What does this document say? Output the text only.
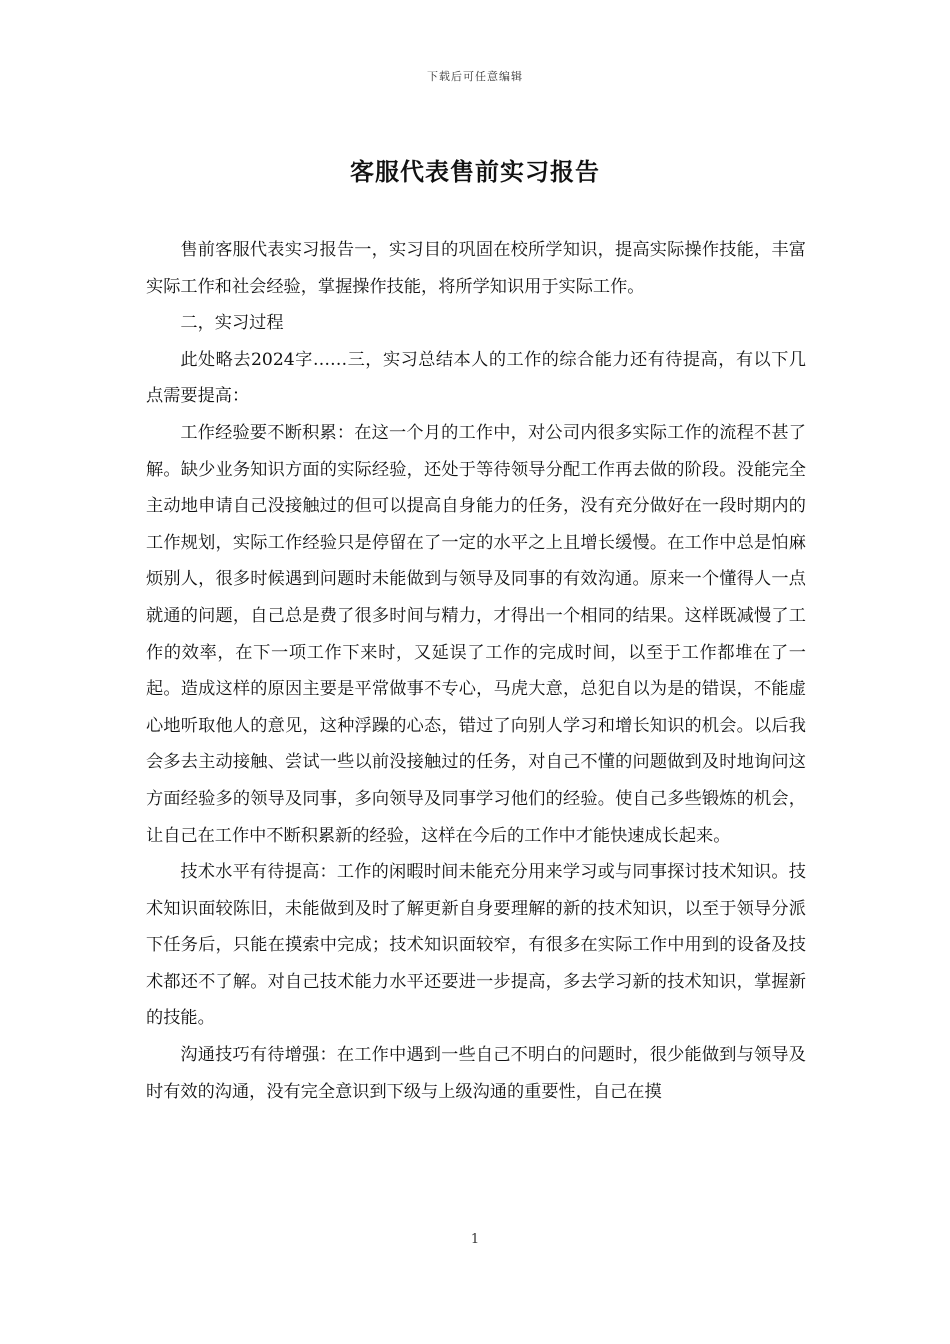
下载后可任意编辑
客服代表售前实习报告

售前客服代表实习报告一，实习目的巩固在校所学知识，提高实际操作技能，丰富实际工作和社会经验，掌握操作技能，将所学知识用于实际工作。

二，实习过程

此处略去2024字……三，实习总结本人的工作的综合能力还有待提高，有以下几点需要提高：

工作经验要不断积累：在这一个月的工作中，对公司内很多实际工作的流程不甚了解。缺少业务知识方面的实际经验，还处于等待领导分配工作再去做的阶段。没能完全主动地申请自己没接触过的但可以提高自身能力的任务，没有充分做好在一段时期内的工作规划，实际工作经验只是停留在了一定的水平之上且增长缓慢。在工作中总是怕麻烦别人，很多时候遇到问题时未能做到与领导及同事的有效沟通。原来一个懂得人一点就通的问题，自己总是费了很多时间与精力，才得出一个相同的结果。这样既减慢了工作的效率，在下一项工作下来时，又延误了工作的完成时间，以至于工作都堆在了一起。造成这样的原因主要是平常做事不专心，马虎大意，总犯自以为是的错误，不能虚心地听取他人的意见，这种浮躁的心态，错过了向别人学习和增长知识的机会。以后我会多去主动接触、尝试一些以前没接触过的任务，对自己不懂的问题做到及时地询问这方面经验多的领导及同事，多向领导及同事学习他们的经验。使自己多些锻炼的机会，让自己在工作中不断积累新的经验，这样在今后的工作中才能快速成长起来。

技术水平有待提高：工作的闲暇时间未能充分用来学习或与同事探讨技术知识。技术知识面较陈旧，未能做到及时了解更新自身要理解的新的技术知识，以至于领导分派下任务后，只能在摸索中完成；技术知识面较窄，有很多在实际工作中用到的设备及技术都还不了解。对自己技术能力水平还要进一步提高，多去学习新的技术知识，掌握新的技能。

沟通技巧有待增强：在工作中遇到一些自己不明白的问题时，很少能做到与领导及时有效的沟通，没有完全意识到下级与上级沟通的重要性，自己在摸

1
